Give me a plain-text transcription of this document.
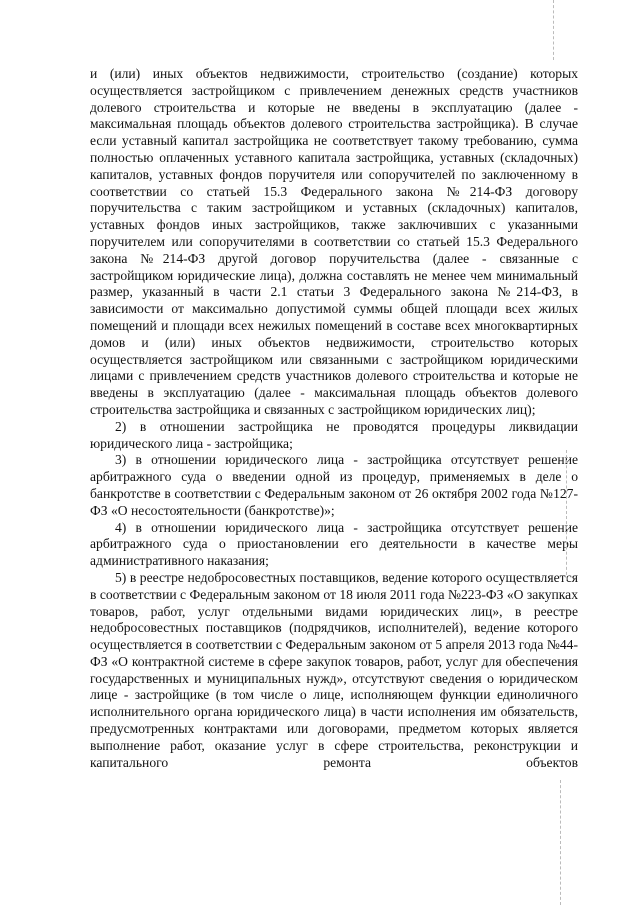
и (или) иных объектов недвижимости, строительство (создание) которых осуществляется застройщиком с привлечением денежных средств участников долевого строительства и которые не введены в эксплуатацию (далее - максимальная площадь объектов долевого строительства застройщика). В случае если уставный капитал застройщика не соответствует такому требованию, сумма полностью оплаченных уставного капитала застройщика, уставных (складочных) капиталов, уставных фондов поручителя или сопоручителей по заключенному в соответствии со статьей 15.3 Федерального закона №214-ФЗ договору поручительства с таким застройщиком и уставных (складочных) капиталов, уставных фондов иных застройщиков, также заключивших с указанными поручителем или сопоручителями в соответствии со статьей 15.3 Федерального закона №214-ФЗ другой договор поручительства (далее - связанные с застройщиком юридические лица), должна составлять не менее чем минимальный размер, указанный в части 2.1 статьи 3 Федерального закона №214-ФЗ, в зависимости от максимально допустимой суммы общей площади всех жилых помещений и площади всех нежилых помещений в составе всех многоквартирных домов и (или) иных объектов недвижимости, строительство которых осуществляется застройщиком или связанными с застройщиком юридическими лицами с привлечением средств участников долевого строительства и которые не введены в эксплуатацию (далее - максимальная площадь объектов долевого строительства застройщика и связанных с застройщиком юридических лиц);

2) в отношении застройщика не проводятся процедуры ликвидации юридического лица - застройщика;

3) в отношении юридического лица - застройщика отсутствует решение арбитражного суда о введении одной из процедур, применяемых в деле о банкротстве в соответствии с Федеральным законом от 26 октября 2002 года №127-ФЗ «О несостоятельности (банкротстве)»;

4) в отношении юридического лица - застройщика отсутствует решение арбитражного суда о приостановлении его деятельности в качестве меры административного наказания;

5) в реестре недобросовестных поставщиков, ведение которого осуществляется в соответствии с Федеральным законом от 18 июля 2011 года №223-ФЗ «О закупках товаров, работ, услуг отдельными видами юридических лиц», в реестре недобросовестных поставщиков (подрядчиков, исполнителей), ведение которого осуществляется в соответствии с Федеральным законом от 5 апреля 2013 года №44-ФЗ «О контрактной системе в сфере закупок товаров, работ, услуг для обеспечения государственных и муниципальных нужд», отсутствуют сведения о юридическом лице - застройщике (в том числе о лице, исполняющем функции единоличного исполнительного органа юридического лица) в части исполнения им обязательств, предусмотренных контрактами или договорами, предметом которых является выполнение работ, оказание услуг в сфере строительства, реконструкции и капитального ремонта объектов
